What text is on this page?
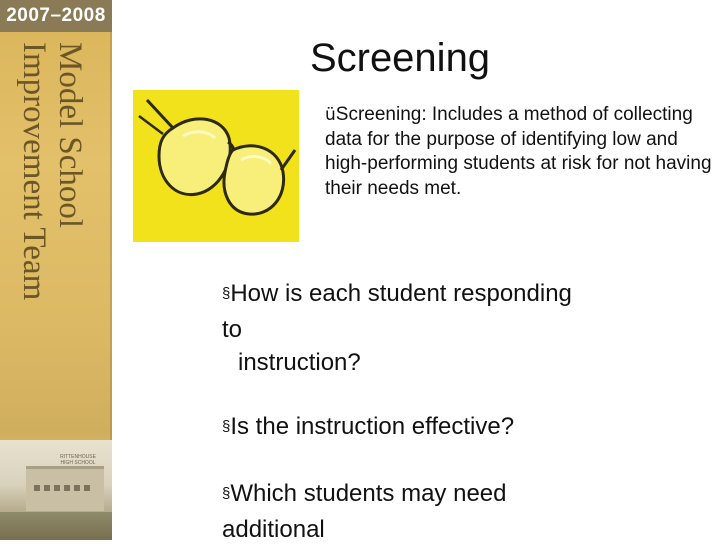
2007–2008
Model School
Improvement Team
RITTENHOUSE HIGH SCHOOL
Screening
üScreening: Includes a method of collecting data for the purpose of identifying low and high-performing students at risk for not having their needs met.
§How is each student responding
to
instruction?
§Is the instruction effective?
§Which students may need
additional
